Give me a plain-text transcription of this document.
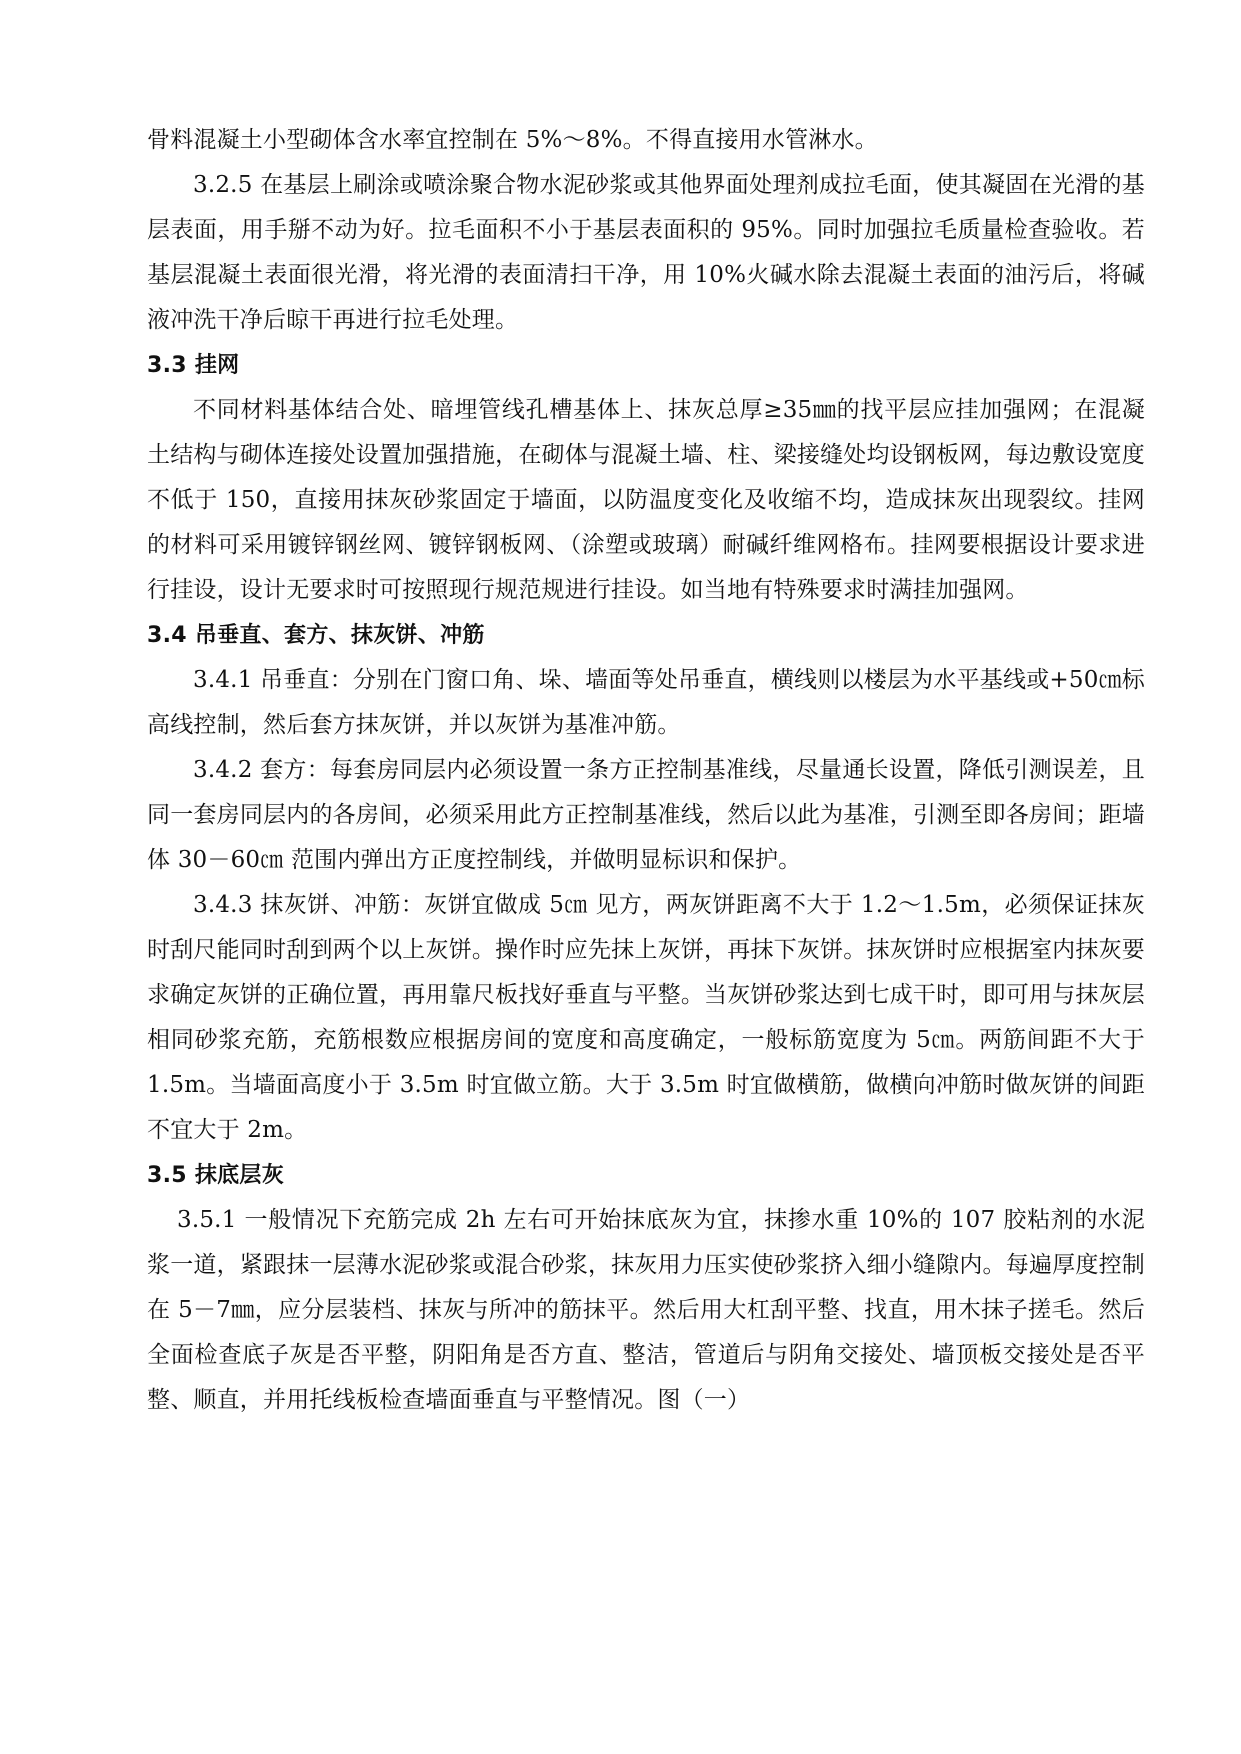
骨料混凝土小型砌体含水率宜控制在 5%～8%。不得直接用水管淋水。

3.2.5 在基层上刷涂或喷涂聚合物水泥砂浆或其他界面处理剂成拉毛面，使其凝固在光滑的基层表面，用手掰不动为好。拉毛面积不小于基层表面积的 95%。同时加强拉毛质量检查验收。若基层混凝土表面很光滑，将光滑的表面清扫干净，用 10%火碱水除去混凝土表面的油污后，将碱液冲洗干净后晾干再进行拉毛处理。

3.3 挂网

不同材料基体结合处、暗埋管线孔槽基体上、抹灰总厚≥35㎜的找平层应挂加强网；在混凝土结构与砌体连接处设置加强措施，在砌体与混凝土墙、柱、梁接缝处均设钢板网，每边敷设宽度不低于 150，直接用抹灰砂浆固定于墙面，以防温度变化及收缩不均，造成抹灰出现裂纹。挂网的材料可采用镀锌钢丝网、镀锌钢板网、（涂塑或玻璃）耐碱纤维网格布。挂网要根据设计要求进行挂设，设计无要求时可按照现行规范规进行挂设。如当地有特殊要求时满挂加强网。

3.4 吊垂直、套方、抹灰饼、冲筋

3.4.1 吊垂直：分别在门窗口角、垛、墙面等处吊垂直，横线则以楼层为水平基线或+50㎝标高线控制，然后套方抹灰饼，并以灰饼为基准冲筋。

3.4.2 套方：每套房同层内必须设置一条方正控制基准线，尽量通长设置，降低引测误差，且同一套房同层内的各房间，必须采用此方正控制基准线，然后以此为基准，引测至即各房间；距墙体 30－60㎝ 范围内弹出方正度控制线，并做明显标识和保护。

3.4.3 抹灰饼、冲筋：灰饼宜做成 5㎝ 见方，两灰饼距离不大于 1.2～1.5m，必须保证抹灰时刮尺能同时刮到两个以上灰饼。操作时应先抹上灰饼，再抹下灰饼。抹灰饼时应根据室内抹灰要求确定灰饼的正确位置，再用靠尺板找好垂直与平整。当灰饼砂浆达到七成干时，即可用与抹灰层相同砂浆充筋，充筋根数应根据房间的宽度和高度确定，一般标筋宽度为 5㎝。两筋间距不大于 1.5m。当墙面高度小于 3.5m 时宜做立筋。大于 3.5m 时宜做横筋，做横向冲筋时做灰饼的间距不宜大于 2m。

3.5 抹底层灰

3.5.1 一般情况下充筋完成 2h 左右可开始抹底灰为宜，抹掺水重 10%的 107 胶粘剂的水泥浆一道，紧跟抹一层薄水泥砂浆或混合砂浆，抹灰用力压实使砂浆挤入细小缝隙内。每遍厚度控制在 5－7㎜，应分层装档、抹灰与所冲的筋抹平。然后用大杠刮平整、找直，用木抹子搓毛。然后全面检查底子灰是否平整，阴阳角是否方直、整洁，管道后与阴角交接处、墙顶板交接处是否平整、顺直，并用托线板检查墙面垂直与平整情况。图（一）
